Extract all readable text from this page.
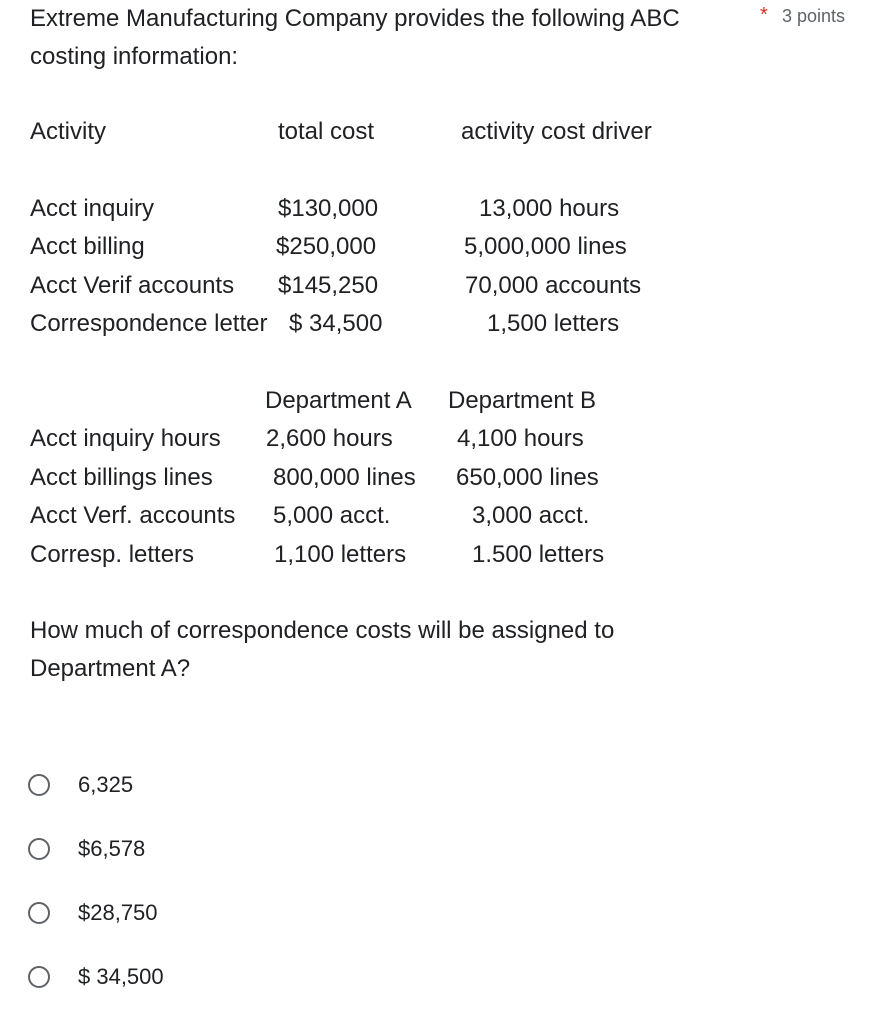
Extreme Manufacturing Company provides the following ABC costing information:
* 3 points
Activity	total cost	activity cost driver
Acct inquiry	$130,000	13,000 hours
Acct billing	$250,000	5,000,000 lines
Acct Verif accounts $145,250	70,000 accounts
Correspondence letter $ 34,500	1,500 letters
Department A Department B
Acct inquiry hours 2,600 hours	4,100 hours
Acct billings lines	800,000 lines 650,000 lines
Acct Verf. accounts 5,000 acct.	3,000 acct.
Corresp. letters	1,100 letters	1.500 letters
How much of correspondence costs will be assigned to Department A?
6,325
$6,578
$28,750
$ 34,500
